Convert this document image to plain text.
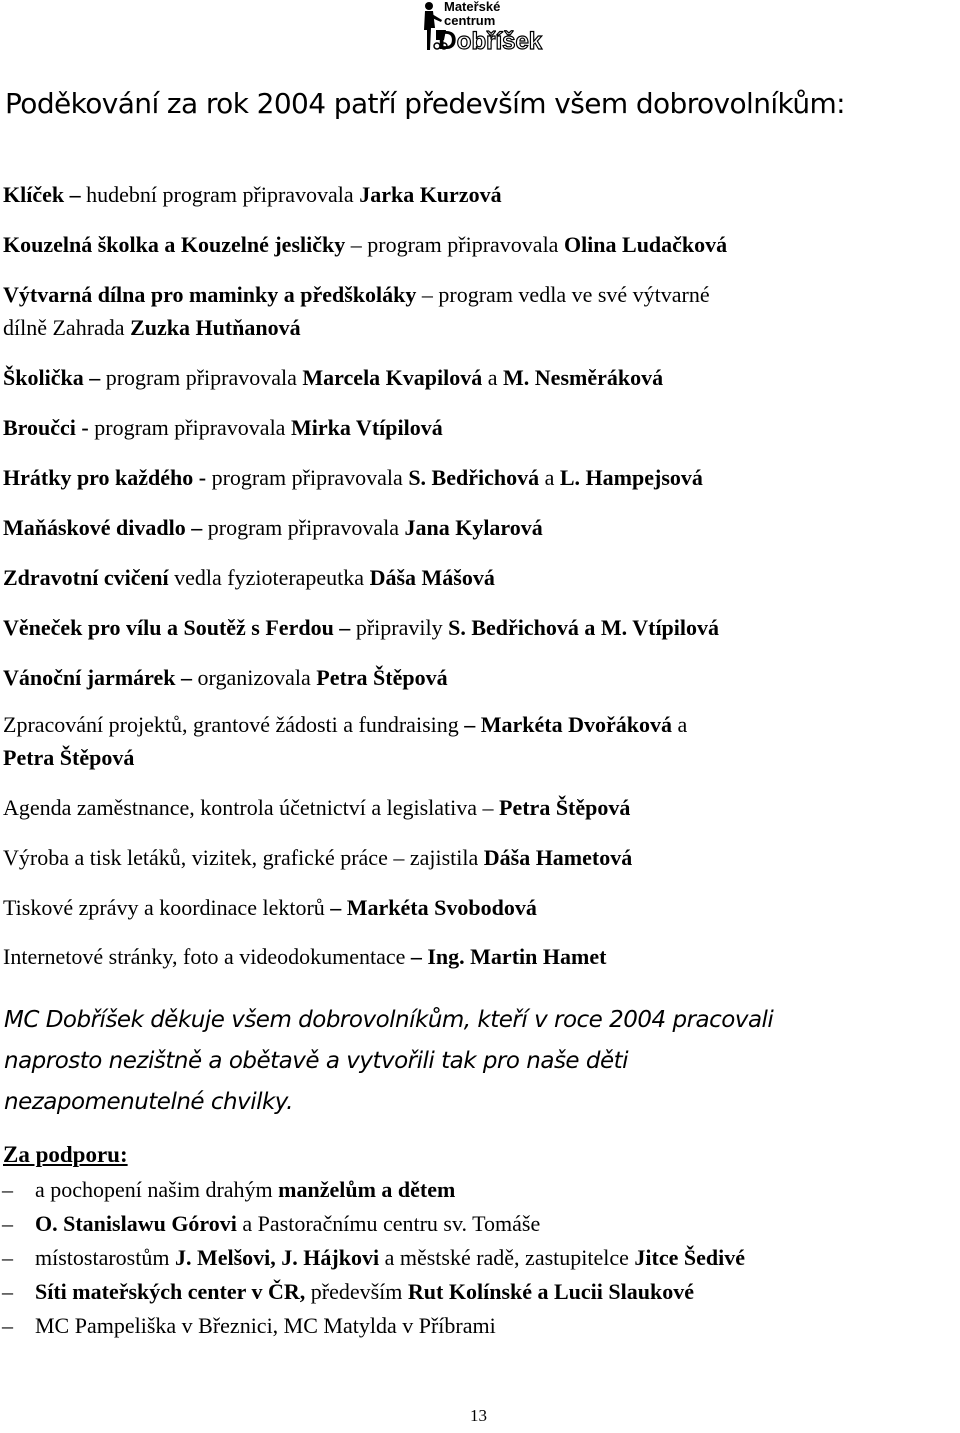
Mateřské
centrum
Dobříšek
Poděkování za rok 2004 patří především všem dobrovolníkům:
Klíček – hudební program připravovala Jarka Kurzová
Kouzelná školka a Kouzelné jesličky – program připravovala Olina Ludačková
Výtvarná dílna pro maminky a předškoláky – program vedla ve své výtvarné
dílně Zahrada Zuzka Hutňanová
Školička – program připravovala Marcela Kvapilová a M. Nesměráková
Broučci - program připravovala Mirka Vtípilová
Hrátky pro každého - program připravovala S. Bedřichová a L. Hampejsová
Maňáskové divadlo – program připravovala Jana Kylarová
Zdravotní cvičení vedla fyzioterapeutka Dáša Mášová
Věneček pro vílu a Soutěž s Ferdou – připravily S. Bedřichová a M. Vtípilová
Vánoční jarmárek – organizovala Petra Štěpová
Zpracování projektů, grantové žádosti a fundraising – Markéta Dvořáková a
Petra Štěpová
Agenda zaměstnance, kontrola účetnictví a legislativa – Petra Štěpová
Výroba a tisk letáků, vizitek, grafické práce – zajistila Dáša Hametová
Tiskové zprávy a koordinace lektorů – Markéta Svobodová
Internetové stránky, foto a videodokumentace – Ing. Martin Hamet
MC Dobříšek děkuje všem dobrovolníkům, kteří v roce 2004 pracovali
naprosto nezištně a obětavě a vytvořili tak pro naše děti
nezapomenutelné chvilky.
Za podporu:
– a pochopení našim drahým manželům a dětem
– O. Stanislawu Górovi a Pastoračnímu centru sv. Tomáše
– místostarostům J. Melšovi, J. Hájkovi a městské radě, zastupitelce Jitce Šedivé
– Síti mateřských center v ČR, především Rut Kolínské a Lucii Slaukové
– MC Pampeliška v Březnici, MC Matylda v Příbrami
13
